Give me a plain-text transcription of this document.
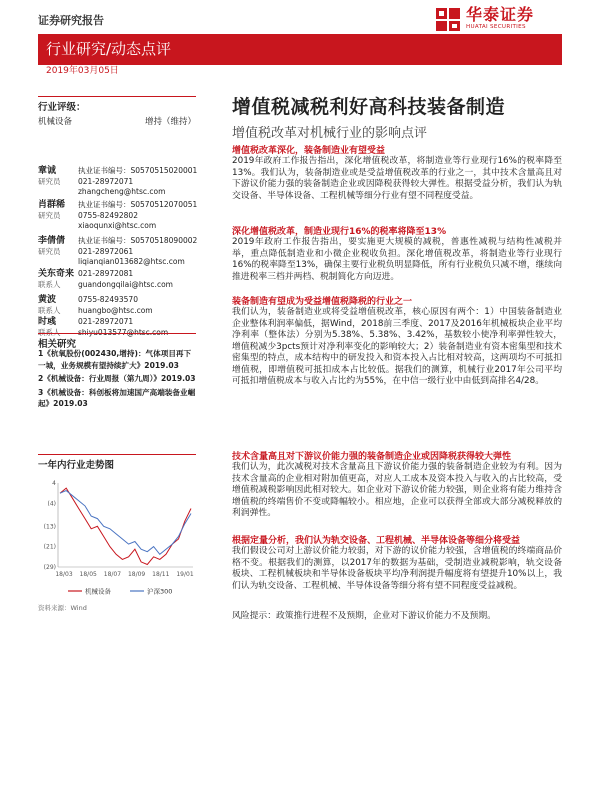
证券研究报告	华泰证券
HUATAI SECURITIES
行业研究/动态点评
2019年03月05日
行业评级：
机械设备	增持（维持）
增值税减税利好高科技装备制造
增值税改革对机械行业的影响点评
章诚
研究员
执业证书编号：S0570515020001
021-28972071
zhangcheng@htsc.com
肖群稀
研究员
执业证书编号：S0570512070051
0755-82492802
xiaoqunxi@htsc.com
李倩倩
研究员
执业证书编号：S0570518090002
021-28972061
liqianqian013682@htsc.com
关东奇来
联系人
021-28972081
guandongqilai@htsc.com
黄波
联系人
0755-82493570
huangbo@htsc.com
时彧
联系人
021-28972071
shiyu013577@htsc.com
相关研究
1《杭氧股份(002430,增持)：气体项目再下一城，业务规模有望持续扩大》2019.03
2《机械设备：行业周报（第九周）》2019.03
3《机械设备：科创板将加速国产高端装备业崛起》2019.03
一年内行业走势图
(29)
(21)
(13)
(4)
4
18/03 18/05 18/07 18/09 18/11 19/01
机械设备	沪深300
资料来源：Wind
增值税改革深化，装备制造业有望受益
2019年政府工作报告指出，深化增值税改革，将制造业等行业现行16%的税率降至13%。我们认为，装备制造业或是受益增值税改革的行业之一，其中技术含量高且对下游议价能力强的装备制造企业或因降税获得较大弹性。根据受益分析，我们认为轨交设备、半导体设备、工程机械等细分行业有望不同程度受益。
深化增值税改革，制造业现行16%的税率将降至13%
2019年政府工作报告指出，要实施更大规模的减税，普惠性减税与结构性减税并举，重点降低制造业和小微企业税收负担。深化增值税改革，将制造业等行业现行16%的税率降至13%，确保主要行业税负明显降低，所有行业税负只减不增，继续向推进税率三档并两档、税制简化方向迈进。
装备制造有望成为受益增值税降税的行业之一
我们认为，装备制造业或将受益增值税改革，核心原因有两个：1）中国装备制造业企业整体利润率偏低，据Wind，2018前三季度、2017及2016年机械板块企业平均净利率（整体法）分别为5.38%、5.38%、3.42%，基数较小使净利率弹性较大，增值税减少3pcts预计对净利率变化的影响较大；2）装备制造业有资本密集型和技术密集型的特点，成本结构中的研发投入和资本投入占比相对较高，这两项均不可抵扣增值税，即增值税可抵扣成本占比较低。据我们的测算，机械行业2017年公司平均可抵扣增值税成本与收入占比约为55%，在中信一级行业中由低到高排名4/28。
技术含量高且对下游议价能力强的装备制造企业或因降税获得较大弹性
我们认为，此次减税对技术含量高且下游议价能力强的装备制造企业较为有利。因为技术含量高的企业相对附加值更高，对应人工成本及资本投入与收入的占比较高，受增值税减税影响因此相对较大。如企业对下游议价能力较强，则企业将有能力维持含增值税的终端售价不变或降幅较小。相应地，企业可以获得全部或大部分减税释放的利润弹性。
根据定量分析，我们认为轨交设备、工程机械、半导体设备等细分将受益
我们假设公司对上游议价能力较弱，对下游的议价能力较强，含增值税的终端商品价格不变。根据我们的测算，以2017年的数据为基础，受制造业减税影响，轨交设备板块、工程机械板块和半导体设备板块平均净利润提升幅度将有望提升10%以上，我们认为轨交设备、工程机械、半导体设备等细分将有望不同程度受益减税。
风险提示：政策推行进程不及预期，企业对下游议价能力不及预期。
